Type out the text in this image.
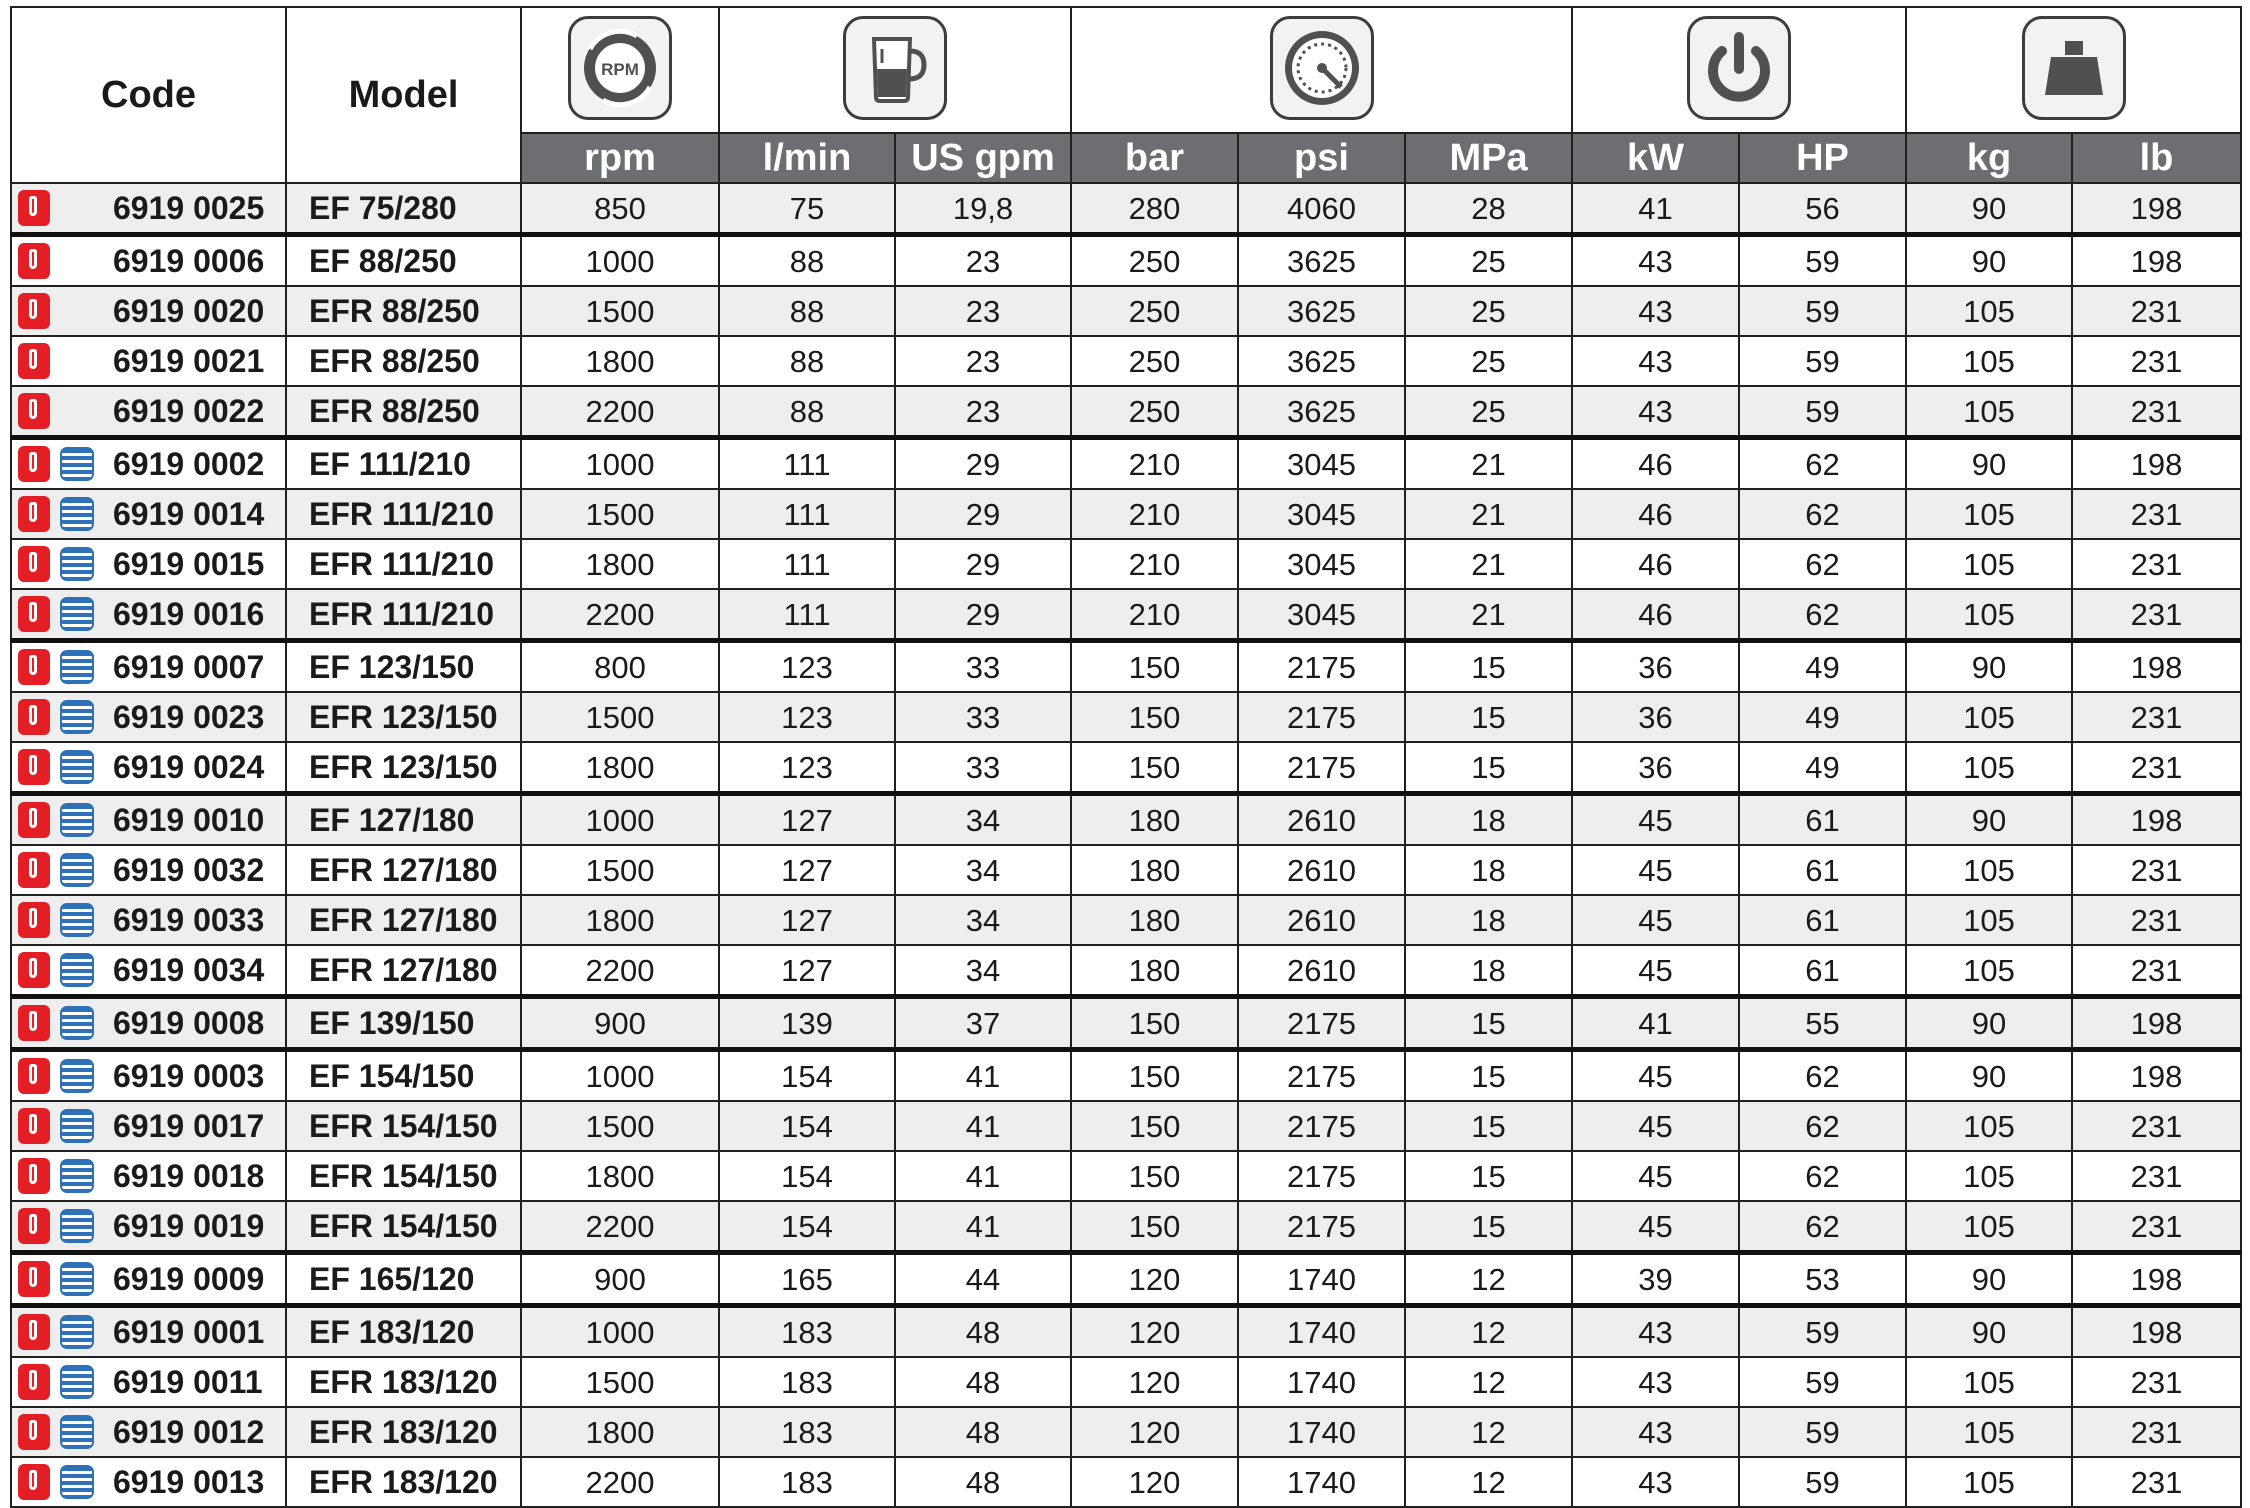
Code	Model	RPM

		rpm	l/min	US gpm	bar	psi	MPa	kW	HP	kg	lb

6919 0025	EF 75/280	850	75	19,8	280	4060	28	41	56	90	198

6919 0006	EF 88/250	1000	88	23	250	3625	25	43	59	90	198

6919 0020	EFR 88/250	1500	88	23	250	3625	25	43	59	105	231

6919 0021	EFR 88/250	1800	88	23	250	3625	25	43	59	105	231

6919 0022	EFR 88/250	2200	88	23	250	3625	25	43	59	105	231

6919 0002	EF 111/210	1000	111	29	210	3045	21	46	62	90	198

6919 0014	EFR 111/210	1500	111	29	210	3045	21	46	62	105	231

6919 0015	EFR 111/210	1800	111	29	210	3045	21	46	62	105	231

6919 0016	EFR 111/210	2200	111	29	210	3045	21	46	62	105	231

6919 0007	EF 123/150	800	123	33	150	2175	15	36	49	90	198

6919 0023	EFR 123/150	1500	123	33	150	2175	15	36	49	105	231

6919 0024	EFR 123/150	1800	123	33	150	2175	15	36	49	105	231

6919 0010	EF 127/180	1000	127	34	180	2610	18	45	61	90	198

6919 0032	EFR 127/180	1500	127	34	180	2610	18	45	61	105	231

6919 0033	EFR 127/180	1800	127	34	180	2610	18	45	61	105	231

6919 0034	EFR 127/180	2200	127	34	180	2610	18	45	61	105	231

6919 0008	EF 139/150	900	139	37	150	2175	15	41	55	90	198

6919 0003	EF 154/150	1000	154	41	150	2175	15	45	62	90	198

6919 0017	EFR 154/150	1500	154	41	150	2175	15	45	62	105	231

6919 0018	EFR 154/150	1800	154	41	150	2175	15	45	62	105	231

6919 0019	EFR 154/150	2200	154	41	150	2175	15	45	62	105	231

6919 0009	EF 165/120	900	165	44	120	1740	12	39	53	90	198

6919 0001	EF 183/120	1000	183	48	120	1740	12	43	59	90	198

6919 0011	EFR 183/120	1500	183	48	120	1740	12	43	59	105	231

6919 0012	EFR 183/120	1800	183	48	120	1740	12	43	59	105	231

6919 0013	EFR 183/120	2200	183	48	120	1740	12	43	59	105	231
